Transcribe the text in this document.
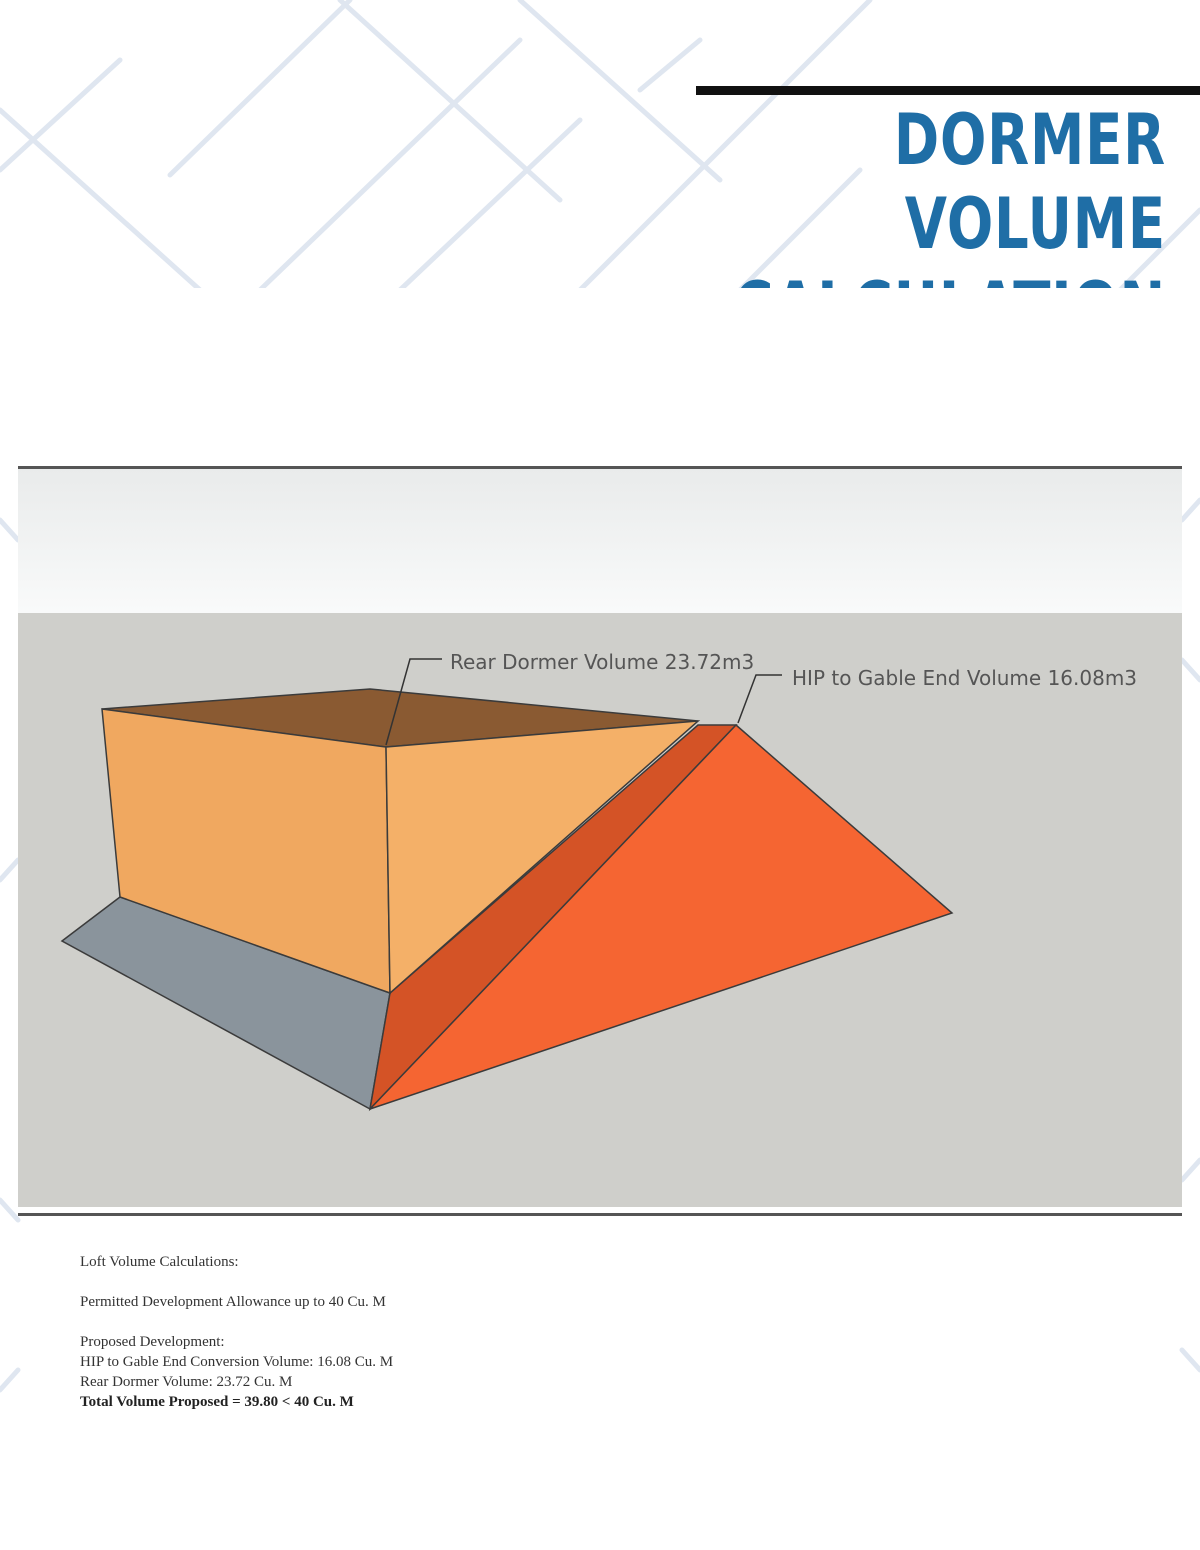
DORMER VOLUME
Rear Dormer Volume 23.72m3
HIP to Gable End Volume 16.08m3
Loft Volume Calculations:
Permitted Development Allowance up to 40 Cu. M
Proposed Development:
HIP to Gable End Conversion Volume: 16.08 Cu. M
Rear Dormer Volume: 23.72 Cu. M
Total Volume Proposed = 39.80 < 40 Cu. M
